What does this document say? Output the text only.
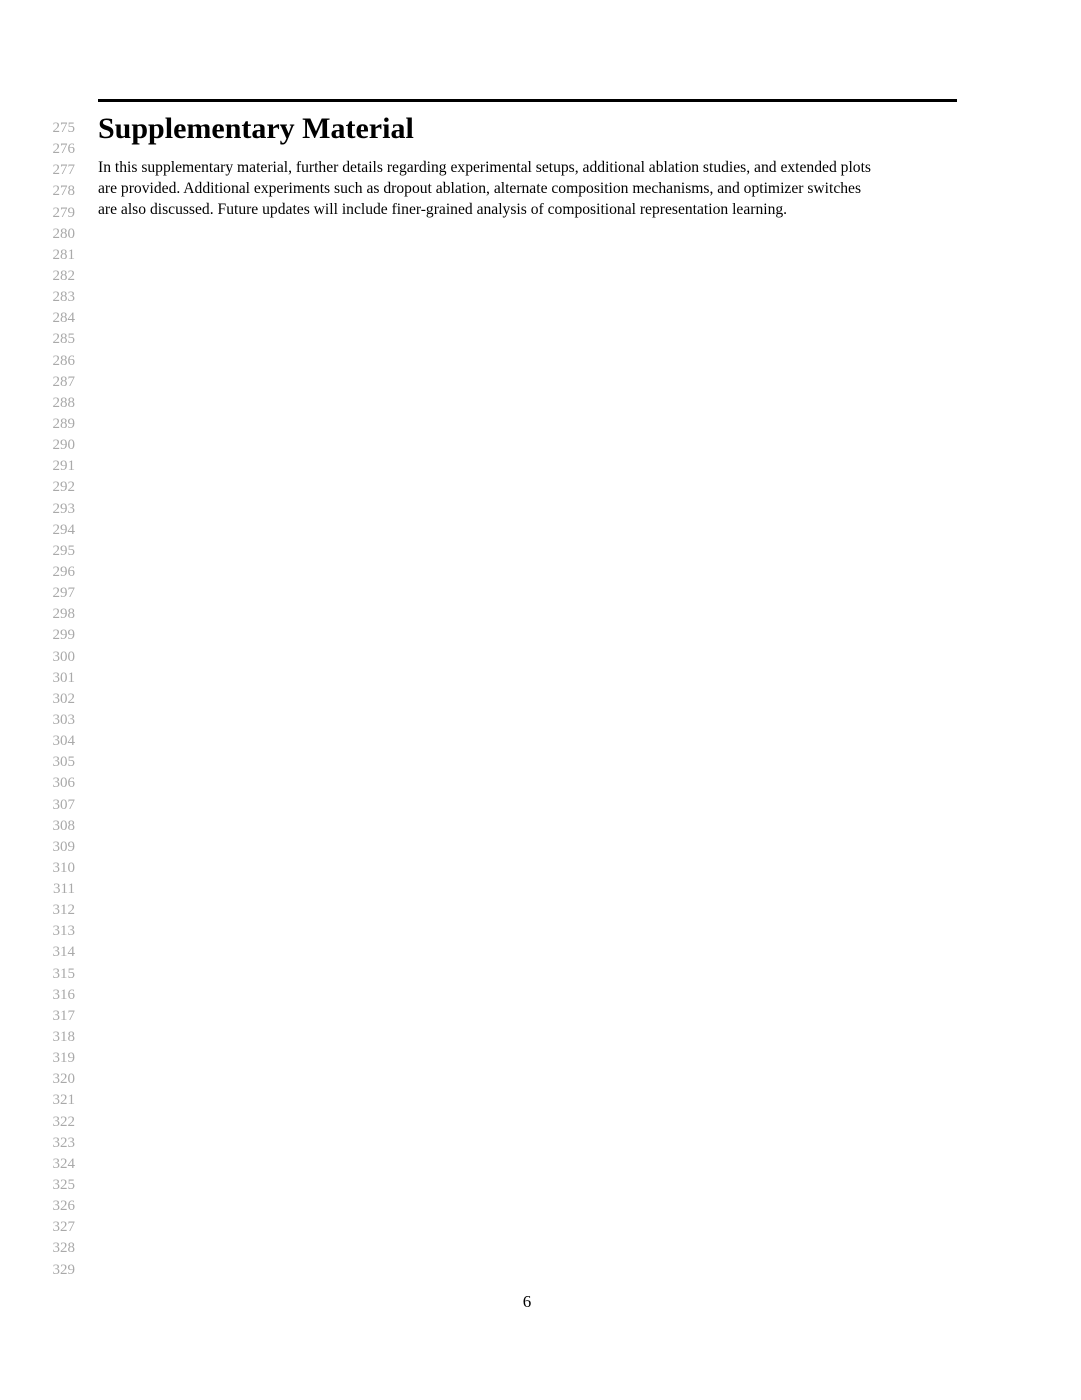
275
276
277
278
279
280
281
282
283
284
285
286
287
288
289
290
291
292
293
294
295
296
297
298
299
300
301
302
303
304
305
306
307
308
309
310
311
312
313
314
315
316
317
318
319
320
321
322
323
324
325
326
327
328
329
Supplementary Material
In this supplementary material, further details regarding experimental setups, additional ablation studies, and extended plots
are provided. Additional experiments such as dropout ablation, alternate composition mechanisms, and optimizer switches
are also discussed. Future updates will include finer-grained analysis of compositional representation learning.
6
